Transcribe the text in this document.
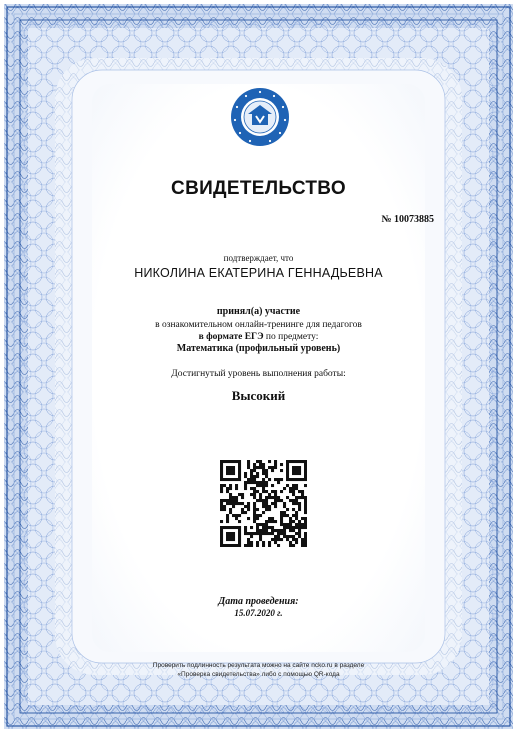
СВИДЕТЕЛЬСТВО
№ 10073885
подтверждает, что
НИКОЛИНА ЕКАТЕРИНА ГЕННАДЬЕВНА
принял(а) участие
в ознакомительном онлайн-тренинге для педагогов
в формате ЕГЭ по предмету:
Математика (профильный уровень)
Достигнутый уровень выполнения работы:
Высокий
Дата проведения:
15.07.2020 г.
Проверить подлинность результата можно на сайте ncko.ru в разделе
«Проверка свидетельства» либо с помощью QR-кода
